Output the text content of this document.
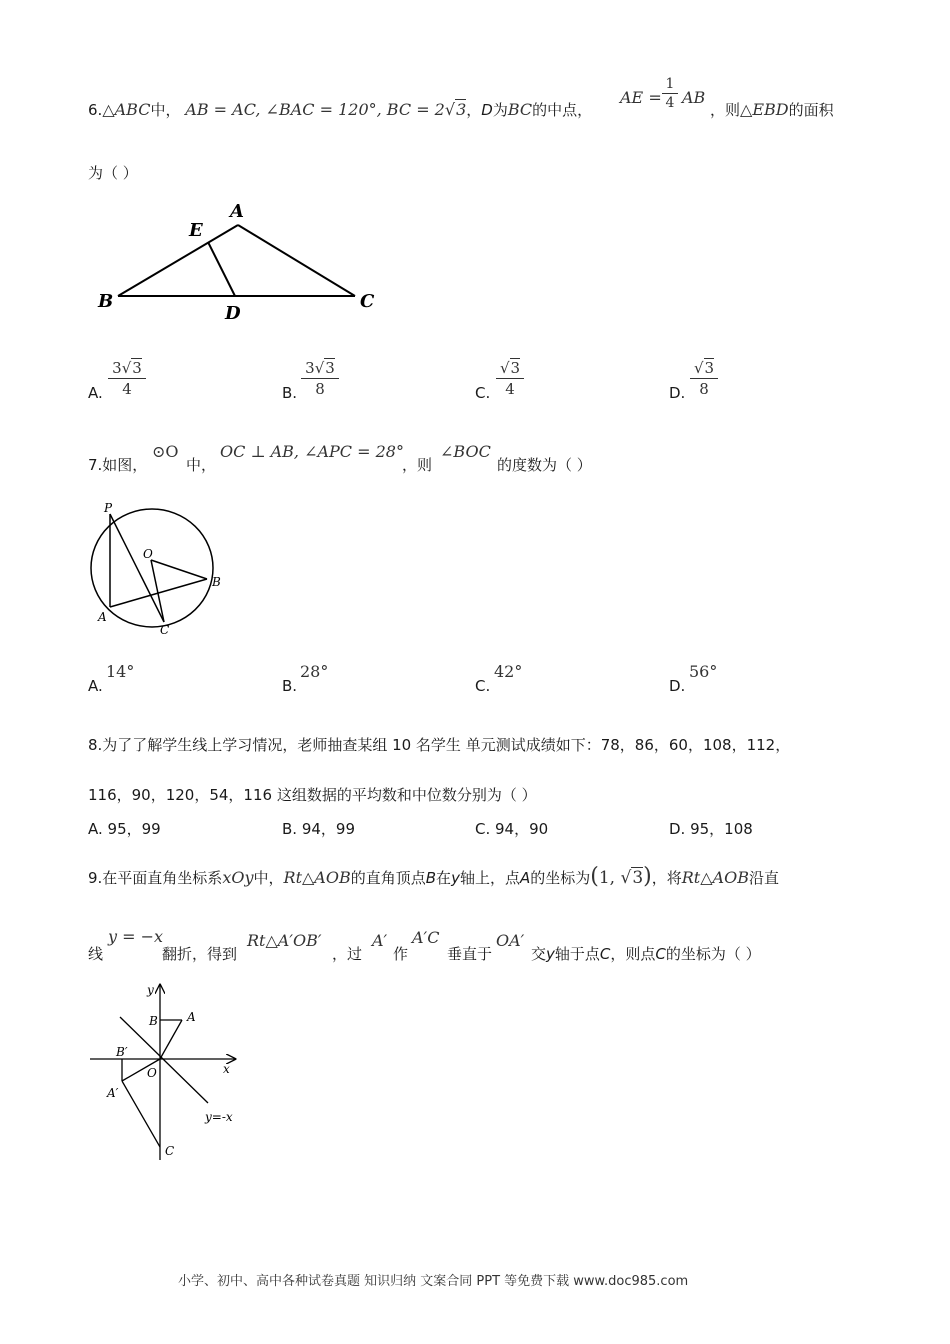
6.△ABC中， AB = AC, ∠BAC = 120°, BC = 2√3，D为BC的中点，
AE =
1
4 AB
，则△EBD的面积
为（ ）
A
E
B
D
C
A.
3√3
4	B.
3√3
8	C.
√3
4	D.
√3
8
7.如图，
⊙O
中，
OC ⊥ AB, ∠APC = 28°
，则
∠BOC
的度数为（ ）
P
O
B
A
C
A.
14°
B.
28°
C.
42°
D.
56°
8.为了了解学生线上学习情况，老师抽查某组 10 名学生 单元测试成绩如下：78，86，60，108，112，
116，90，120，54，116 这组数据的平均数和中位数分别为（ ）
A. 95，99	B. 94，99	C. 94，90	D. 95，108
9.在平面直角坐标系xOy中，Rt△AOB的直角顶点B在y轴上，点A的坐标为(1, √3)，将Rt△AOB沿直
线
y = −x
翻折，得到
Rt△A′OB′
，过
A′
作
A′C
垂直于
OA′
交y轴于点C，则点C的坐标为（ ）
y
x
B A
B′
O
A′
y=-x
C
小学、初中、高中各种试卷真题 知识归纳 文案合同 PPT 等免费下载 www.doc985.com
